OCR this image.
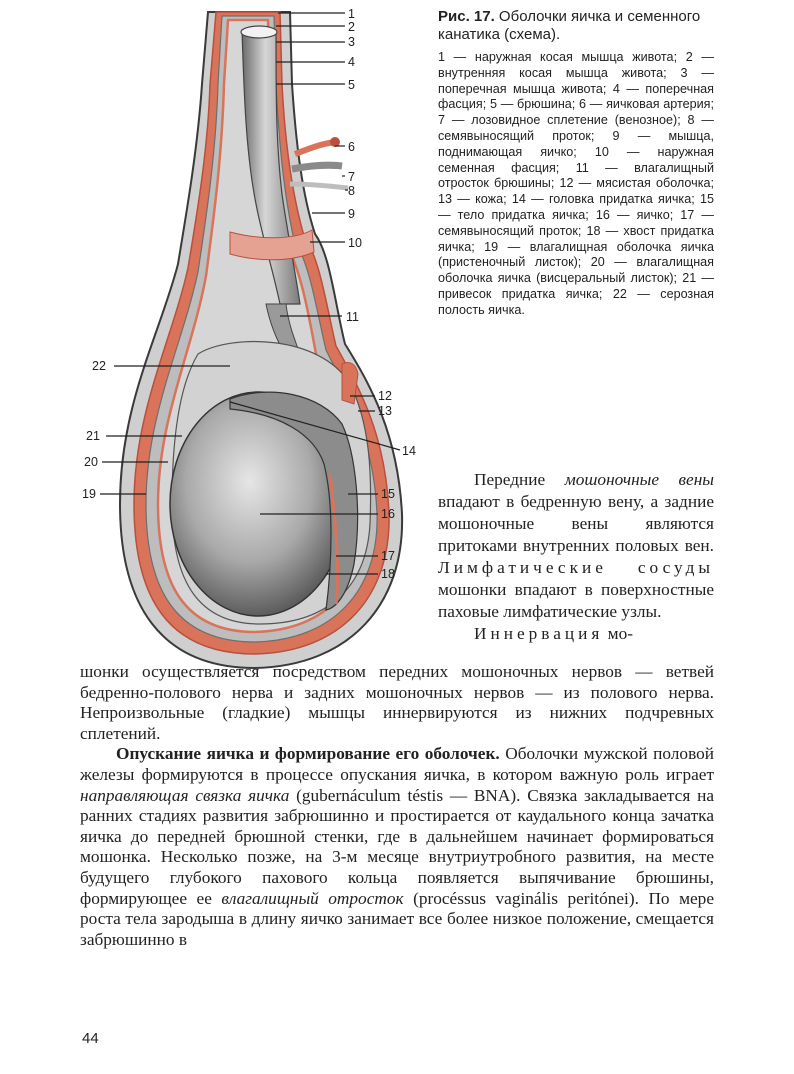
1
2
3
4
5
6
7
8
9
10
11
12
13
14
15
16
17
18
19
20
21
22

Рис. 17. Оболочки яичка и семенного канатика (схема).

1 — наружная косая мышца живота; 2 — внутренняя косая мышца живота; 3 — поперечная мышца живота; 4 — поперечная фасция; 5 — брюшина; 6 — яичковая артерия; 7 — лозовидное сплетение (венозное); 8 — семявыносящий проток; 9 — мышца, поднимающая яичко; 10 — наружная семенная фасция; 11 — влагалищный отросток брюшины; 12 — мясистая оболочка; 13 — кожа; 14 — головка придатка яичка; 15 — тело придатка яичка; 16 — яичко; 17 — семявыносящий проток; 18 — хвост придатка яичка; 19 — влагалищная оболочка яичка (пристеночный листок); 20 — влагалищная оболочка яичка (висцеральный листок); 21 — привесок придатка яичка; 22 — серозная полость яичка.

Передние мошоночные вены впадают в бедренную вену, а задние мошоночные вены являются притоками внутренних половых вен. Лимфатические сосуды мошонки впадают в поверхностные паховые лимфатические узлы.
Иннервация мо-

шонки осуществляется посредством передних мошоночных нервов — ветвей бедренно-полового нерва и задних мошоночных нервов — из полового нерва. Непроизвольные (гладкие) мышцы иннервируются из нижних подчревных сплетений.

Опускание яичка и формирование его оболочек. Оболочки мужской половой железы формируются в процессе опускания яичка, в котором важную роль играет направляющая связка яичка (gubernáculum téstis — BNA). Связка закладывается на ранних стадиях развития забрюшинно и простирается от каудального конца зачатка яичка до передней брюшной стенки, где в дальнейшем начинает формироваться мошонка. Несколько позже, на 3-м месяце внутриутробного развития, на месте будущего глубокого пахового кольца появляется выпячивание брюшины, формирующее ее влагалищный отросток (procéssus vaginális peritónei). По мере роста тела зародыша в длину яичко занимает все более низкое положение, смещается забрюшинно в

44
